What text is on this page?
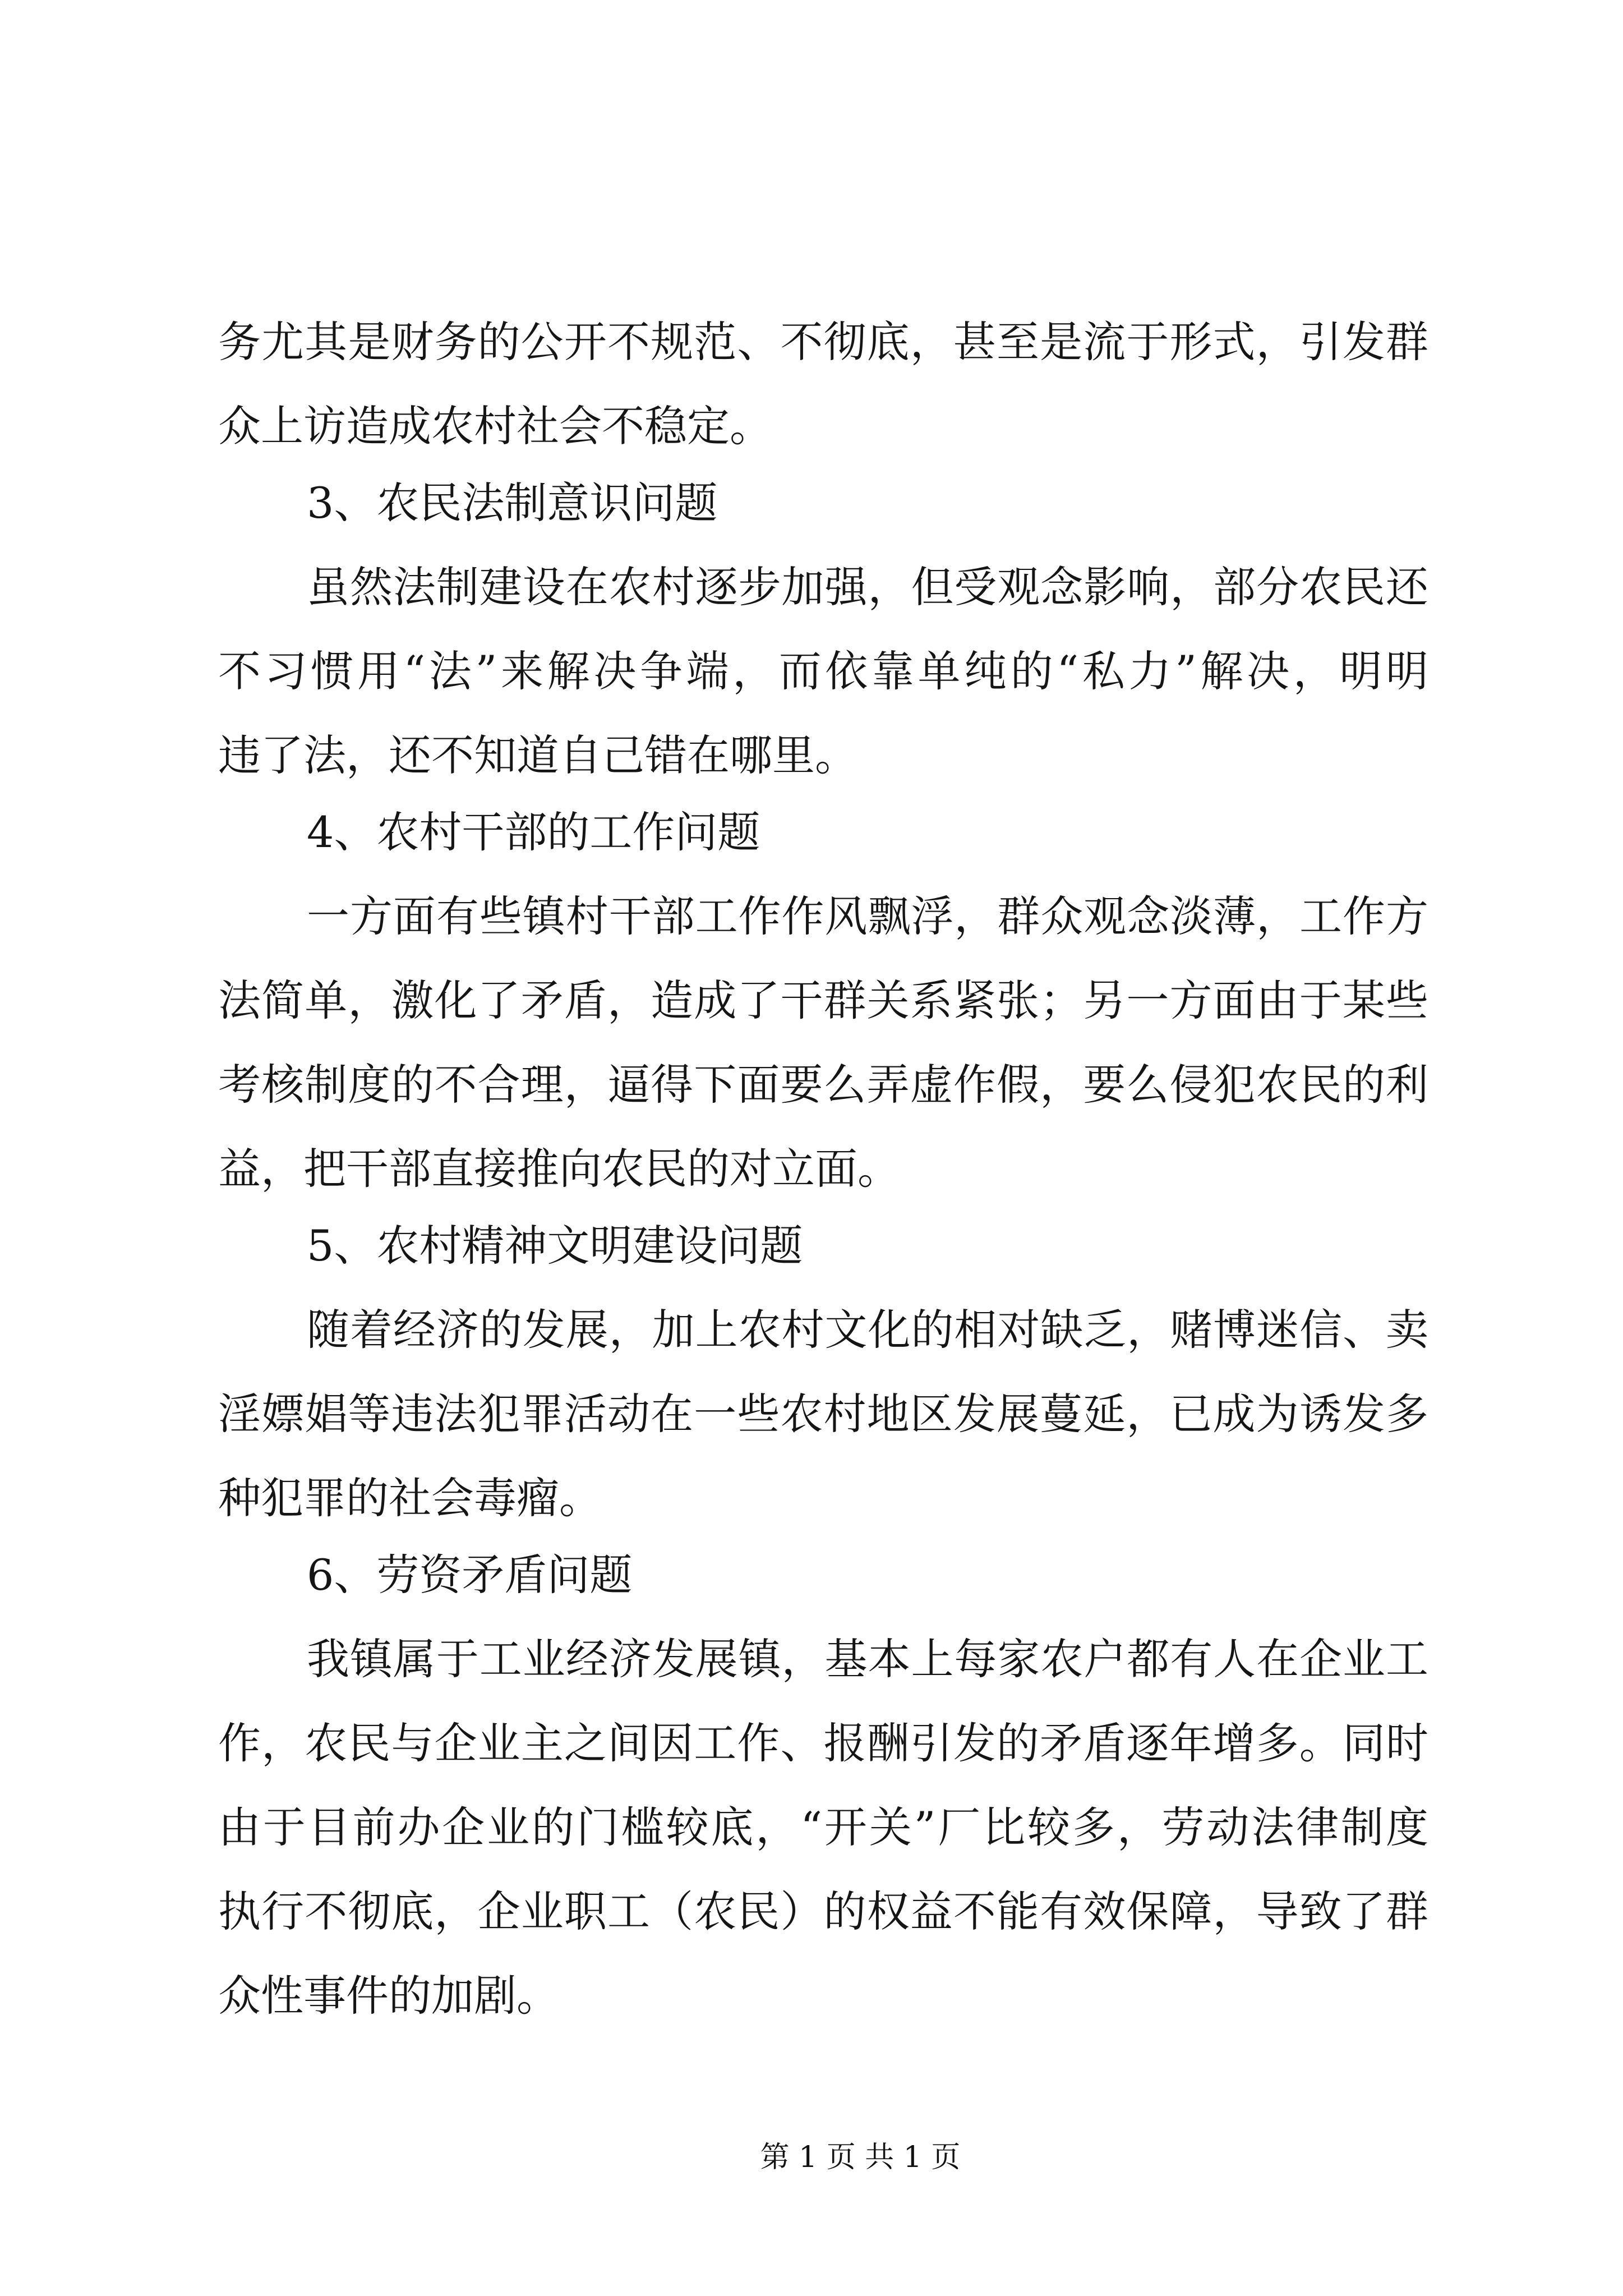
务尤其是财务的公开不规范、不彻底，甚至是流于形式，引发群
众上访造成农村社会不稳定。
3、农民法制意识问题
虽然法制建设在农村逐步加强，但受观念影响，部分农民还
不习惯用“法”来解决争端，而依靠单纯的“私力”解决，明明
违了法，还不知道自己错在哪里。
4、农村干部的工作问题
一方面有些镇村干部工作作风飘浮，群众观念淡薄，工作方
法简单，激化了矛盾，造成了干群关系紧张；另一方面由于某些
考核制度的不合理，逼得下面要么弄虚作假，要么侵犯农民的利
益，把干部直接推向农民的对立面。
5、农村精神文明建设问题
随着经济的发展，加上农村文化的相对缺乏，赌博迷信、卖
淫嫖娼等违法犯罪活动在一些农村地区发展蔓延，已成为诱发多
种犯罪的社会毒瘤。
6、劳资矛盾问题
我镇属于工业经济发展镇，基本上每家农户都有人在企业工
作，农民与企业主之间因工作、报酬引发的矛盾逐年增多。同时
由于目前办企业的门槛较底，“开关”厂比较多，劳动法律制度
执行不彻底，企业职工（农民）的权益不能有效保障，导致了群
众性事件的加剧。
第 1 页 共 1 页
